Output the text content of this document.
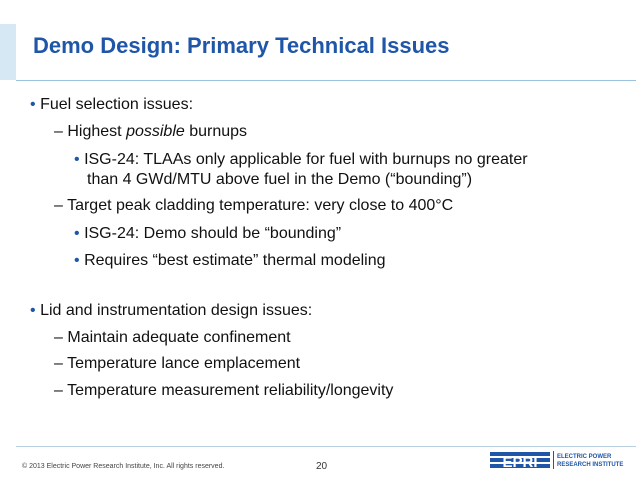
Demo Design: Primary Technical Issues
• Fuel selection issues:
– Highest possible burnups
• ISG-24: TLAAs only applicable for fuel with burnups no greater
than 4 GWd/MTU above fuel in the Demo (“bounding”)
– Target peak cladding temperature: very close to 400°C
• ISG-24: Demo should be “bounding”
• Requires “best estimate” thermal modeling
• Lid and instrumentation design issues:
– Maintain adequate confinement
– Temperature lance emplacement
– Temperature measurement reliability/longevity
© 2013 Electric Power Research Institute, Inc. All rights reserved.	20	EPRI	ELECTRIC POWER
RESEARCH INSTITUTE
